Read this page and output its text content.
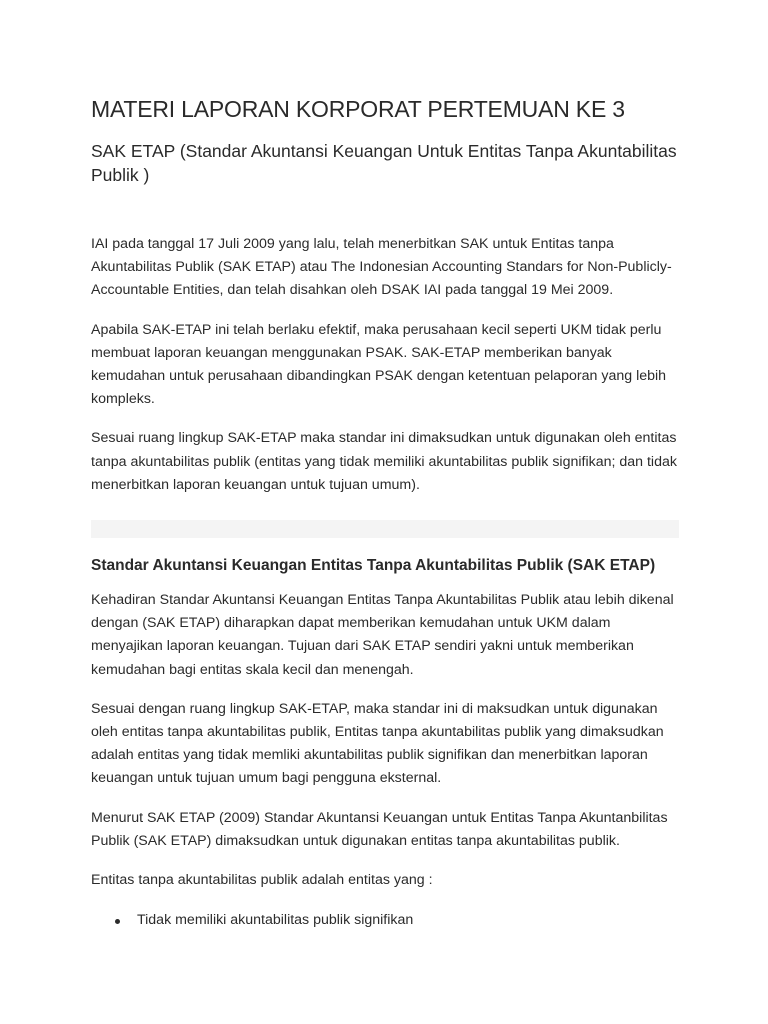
MATERI LAPORAN KORPORAT PERTEMUAN KE 3
SAK ETAP (Standar Akuntansi Keuangan Untuk Entitas Tanpa Akuntabilitas Publik )

IAI pada tanggal 17 Juli 2009 yang lalu, telah menerbitkan SAK untuk Entitas tanpa Akuntabilitas Publik (SAK ETAP) atau The Indonesian Accounting Standars for Non-Publicly-Accountable Entities, dan telah disahkan oleh DSAK IAI pada tanggal 19 Mei 2009.

Apabila SAK-ETAP ini telah berlaku efektif, maka perusahaan kecil seperti UKM tidak perlu membuat laporan keuangan menggunakan PSAK. SAK-ETAP memberikan banyak kemudahan untuk perusahaan dibandingkan PSAK dengan ketentuan pelaporan yang lebih kompleks.

Sesuai ruang lingkup SAK-ETAP maka standar ini dimaksudkan untuk digunakan oleh entitas tanpa akuntabilitas publik (entitas yang tidak memiliki akuntabilitas publik signifikan; dan tidak menerbitkan laporan keuangan untuk tujuan umum).

Standar Akuntansi Keuangan Entitas Tanpa Akuntabilitas Publik (SAK ETAP)

Kehadiran Standar Akuntansi Keuangan Entitas Tanpa Akuntabilitas Publik atau lebih dikenal dengan (SAK ETAP) diharapkan dapat memberikan kemudahan untuk UKM dalam menyajikan laporan keuangan. Tujuan dari SAK ETAP sendiri yakni untuk memberikan kemudahan bagi entitas skala kecil dan menengah.

Sesuai dengan ruang lingkup SAK-ETAP, maka standar ini di maksudkan untuk digunakan oleh entitas tanpa akuntabilitas publik, Entitas tanpa akuntabilitas publik yang dimaksudkan adalah entitas yang tidak memliki akuntabilitas publik signifikan dan menerbitkan laporan keuangan untuk tujuan umum bagi pengguna eksternal.

Menurut SAK ETAP (2009) Standar Akuntansi Keuangan untuk Entitas Tanpa Akuntanbilitas Publik (SAK ETAP) dimaksudkan untuk digunakan entitas tanpa akuntabilitas publik.

Entitas tanpa akuntabilitas publik adalah entitas yang :

Tidak memiliki akuntabilitas publik signifikan
